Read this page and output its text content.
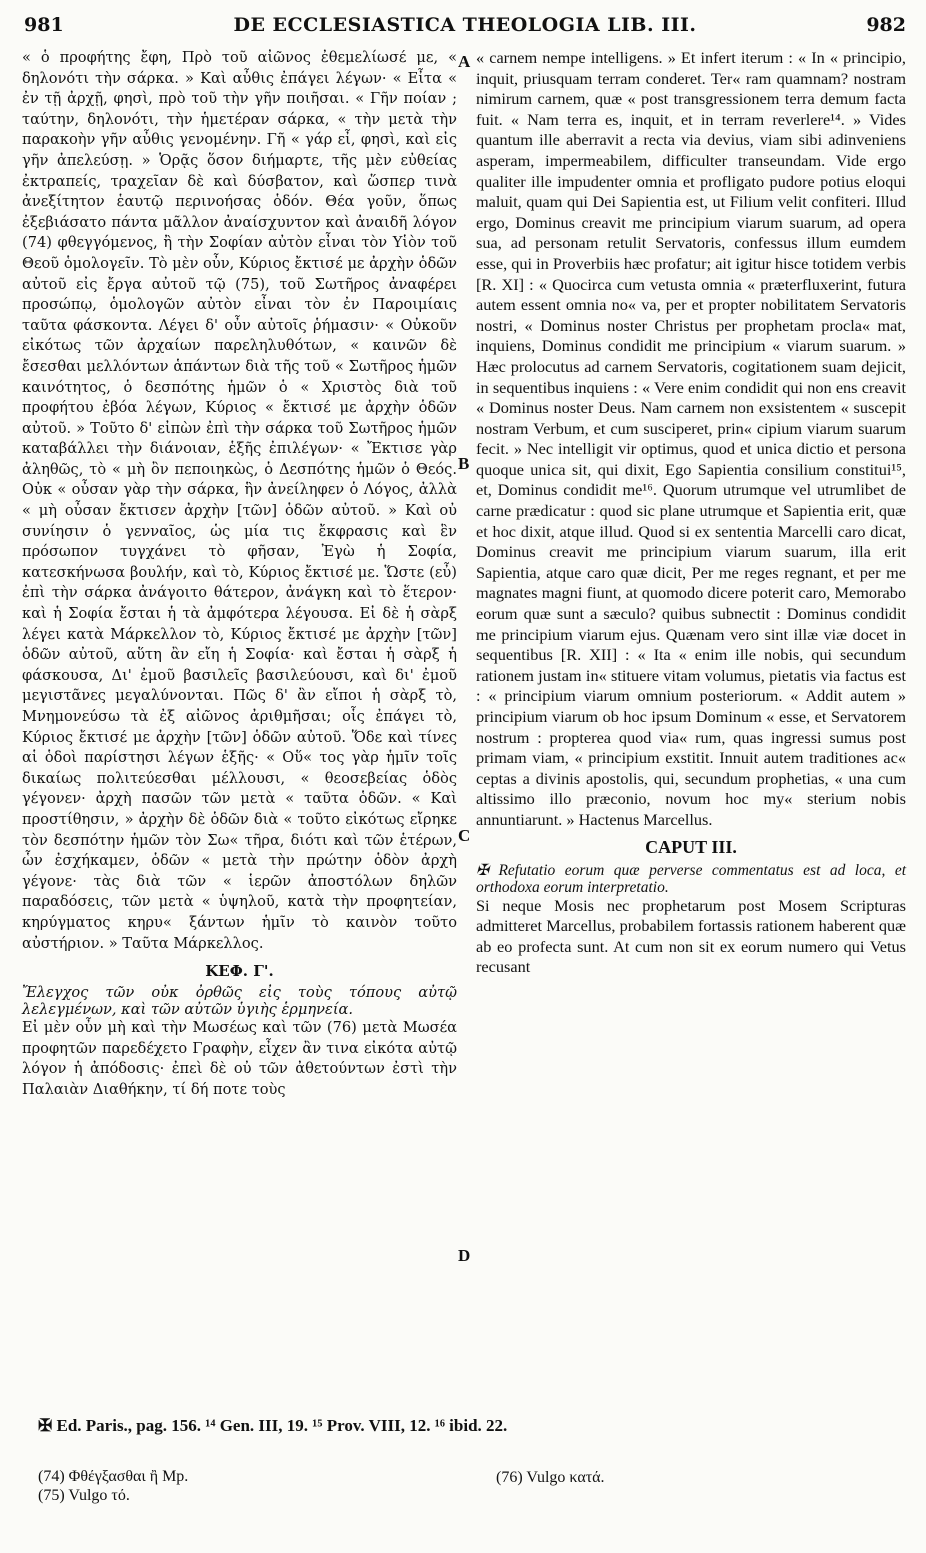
981	DE ECCLESIASTICA THEOLOGIA LIB. III.	982

« ὁ προφήτης ἔφη, Πρὸ τοῦ αἰῶνος ἐθεμελίωσέ με, « δηλονότι τὴν σάρκα. » Καὶ αὖθις ἐπάγει λέγων· « Εἶτα « ἐν τῇ ἀρχῇ, φησὶ, πρὸ τοῦ τὴν γῆν ποιῆσαι. « Γῆν ποίαν ; ταύτην, δηλονότι, τὴν ἡμετέραν σάρκα, « τὴν μετὰ τὴν παρακοὴν γῆν αὖθις γενομένην. Γῆ « γάρ εἶ, φησὶ, καὶ εἰς γῆν ἀπελεύσῃ. » Ὁρᾷς ὅσον διήμαρτε, τῆς μὲν εὐθείας ἐκτραπείς, τραχεῖαν δὲ καὶ δύσβατον, καὶ ὥσπερ τινὰ ἀνεξίτητον ἑαυτῷ περινοήσας ὁδόν. Θέα γοῦν, ὅπως ἐξεβιάσατο πάντα μᾶλλον ἀναίσχυντον καὶ ἀναιδῆ λόγον (74) φθεγγόμενος, ἢ τὴν Σοφίαν αὐτὸν εἶναι τὸν Υἱὸν τοῦ Θεοῦ ὁμολογεῖν. Τὸ μὲν οὖν, Κύριος ἔκτισέ με ἀρχὴν ὁδῶν αὐτοῦ εἰς ἔργα αὐτοῦ τῷ (75), τοῦ Σωτῆρος ἀναφέρει προσώπῳ, ὁμολογῶν αὐτὸν εἶναι τὸν ἐν Παροιμίαις ταῦτα φάσκοντα. Λέγει δ' οὖν αὐτοῖς ῥήμασιν· « Οὐκοῦν εἰκότως τῶν ἀρχαίων παρεληλυθότων, « καινῶν δὲ ἔσεσθαι μελλόντων ἁπάντων διὰ τῆς τοῦ « Σωτῆρος ἡμῶν καινότητος, ὁ δεσπότης ἡμῶν ὁ « Χριστὸς διὰ τοῦ προφήτου ἐβόα λέγων, Κύριος « ἔκτισέ με ἀρχὴν ὁδῶν αὐτοῦ. » Τοῦτο δ' εἰπὼν ἐπὶ τὴν σάρκα τοῦ Σωτῆρος ἡμῶν καταβάλλει τὴν διάνοιαν, ἑξῆς ἐπιλέγων· « Ἔκτισε γὰρ ἀληθῶς, τὸ « μὴ ὂν πεποιηκὼς, ὁ Δεσπότης ἡμῶν ὁ Θεός. Οὐκ « οὖσαν γὰρ τὴν σάρκα, ἣν ἀνείληφεν ὁ Λόγος, ἀλλὰ « μὴ οὖσαν ἔκτισεν ἀρχὴν [τῶν] ὁδῶν αὐτοῦ. » Καὶ οὐ συνίησιν ὁ γενναῖος, ὡς μία τις ἔκφρασις καὶ ἓν πρόσωπον τυγχάνει τὸ φῆσαν, Ἐγὼ ἡ Σοφία, κατεσκήνωσα βουλήν, καὶ τὸ, Κύριος ἔκτισέ με. Ὥστε (εὖ) ἐπὶ τὴν σάρκα ἀνάγοιτο θάτερον, ἀνάγκη καὶ τὸ ἕτερον· καὶ ἡ Σοφία ἔσται ἡ τὰ ἀμφότερα λέγουσα. Εἰ δὲ ἡ σὰρξ λέγει κατὰ Μάρκελλον τὸ, Κύριος ἔκτισέ με ἀρχὴν [τῶν] ὁδῶν αὐτοῦ, αὕτη ἂν εἴη ἡ Σοφία· καὶ ἔσται ἡ σὰρξ ἡ φάσκουσα, Δι' ἐμοῦ βασιλεῖς βασιλεύουσι, καὶ δι' ἐμοῦ μεγιστᾶνες μεγαλύνονται. Πῶς δ' ἂν εἴποι ἡ σὰρξ τὸ, Μνημονεύσω τὰ ἐξ αἰῶνος ἀριθμῆσαι; οἷς ἐπάγει τὸ, Κύριος ἔκτισέ με ἀρχὴν [τῶν] ὁδῶν αὐτοῦ. Ὅδε καὶ τίνες αἱ ὁδοὶ παρίστησι λέγων ἑξῆς· « Οὕ« τος γὰρ ἡμῖν τοῖς δικαίως πολιτεύεσθαι μέλλουσι, « θεοσεβείας ὁδὸς γέγονεν· ἀρχὴ πασῶν τῶν μετὰ « ταῦτα ὁδῶν. « Καὶ προστίθησιν, » ἀρχὴν δὲ ὁδῶν διὰ « τοῦτο εἰκότως εἴρηκε τὸν δεσπότην ἡμῶν τὸν Σω« τῆρα, διότι καὶ τῶν ἑτέρων, ὧν ἐσχήκαμεν, ὁδῶν « μετὰ τὴν πρώτην ὁδὸν ἀρχὴ γέγονε· τὰς διὰ τῶν « ἱερῶν ἀποστόλων δηλῶν παραδόσεις, τῶν μετὰ « ὑψηλοῦ, κατὰ τὴν προφητείαν, κηρύγματος κηρυ« ξάντων ἡμῖν τὸ καινὸν τοῦτο αὐστήριον. » Ταῦτα Μάρκελλος.

ΚΕΦ. Γ'.

Ἔλεγχος τῶν οὐκ ὀρθῶς εἰς τοὺς τόπους αὐτῷ λελεγμένων, καὶ τῶν αὐτῶν ὑγιὴς ἑρμηνεία.

Εἰ μὲν οὖν μὴ καὶ τὴν Μωσέως καὶ τῶν (76) μετὰ Μωσέα προφητῶν παρεδέχετο Γραφὴν, εἶχεν ἂν τινα εἰκότα αὐτῷ λόγον ἡ ἀπόδοσις· ἐπεὶ δὲ οὐ τῶν ἀθετούντων ἐστὶ τὴν Παλαιὰν Διαθήκην, τί δή ποτε τοὺς

A
B
C
D

« carnem nempe intelligens. » Et infert iterum : « In « principio, inquit, priusquam terram conderet. Ter« ram quamnam? nostram nimirum carnem, quæ « post transgressionem terra demum facta fuit. « Nam terra es, inquit, et in terram reverlere¹⁴. » Vides quantum ille aberravit a recta via devius, viam sibi adinveniens asperam, impermeabilem, difficulter transeundam. Vide ergo qualiter ille impudenter omnia et profligato pudore potius eloqui maluit, quam qui Dei Sapientia est, ut Filium velit confiteri. Illud ergo, Dominus creavit me principium viarum suarum, ad opera sua, ad personam retulit Servatoris, confessus illum eumdem esse, qui in Proverbiis hæc profatur; ait igitur hisce totidem verbis [R. XI] : « Quocirca cum vetusta omnia « præterfluxerint, futura autem essent omnia no« va, per et propter nobilitatem Servatoris nostri, « Dominus noster Christus per prophetam procla« mat, inquiens, Dominus condidit me principium « viarum suarum. » Hæc prolocutus ad carnem Servatoris, cogitationem suam dejicit, in sequentibus inquiens : « Vere enim condidit qui non ens creavit « Dominus noster Deus. Nam carnem non exsistentem « suscepit nostram Verbum, et cum susciperet, prin« cipium viarum suarum fecit. » Nec intelligit vir optimus, quod et unica dictio et persona quoque unica sit, qui dixit, Ego Sapientia consilium constitui¹⁵, et, Dominus condidit me¹⁶. Quorum utrumque vel utrumlibet de carne prædicatur : quod sic plane utrumque et Sapientia erit, quæ et hoc dixit, atque illud. Quod si ex sententia Marcelli caro dicat, Dominus creavit me principium viarum suarum, illa erit Sapientia, atque caro quæ dicit, Per me reges regnant, et per me magnates magni fiunt, at quomodo dicere poterit caro, Memorabo eorum quæ sunt a sæculo? quibus subnectit : Dominus condidit me principium viarum ejus. Quænam vero sint illæ viæ docet in sequentibus [R. XII] : « Ita « enim ille nobis, qui secundum rationem justam in« stituere vitam volumus, pietatis via factus est : « principium viarum omnium posteriorum. « Addit autem » principium viarum ob hoc ipsum Dominum « esse, et Servatorem nostrum : propterea quod via« rum, quas ingressi sumus post primam viam, « principium exstitit. Innuit autem traditiones ac« ceptas a divinis apostolis, qui, secundum prophetias, « una cum altissimo illo præconio, novum hoc my« sterium nobis annuntiarunt. » Hactenus Marcellus.

CAPUT III.

✠ Refutatio eorum quæ perverse commentatus est ad loca, et orthodoxa eorum interpretatio.

Si neque Mosis nec prophetarum post Mosem Scripturas admitteret Marcellus, probabilem fortassis rationem haberent quæ ab eo profecta sunt. At cum non sit ex eorum numero qui Vetus recusant

✠ Ed. Paris., pag. 156. ¹⁴ Gen. III, 19. ¹⁵ Prov. VIII, 12. ¹⁶ ibid. 22.
(74) Φθέγξασθαι ἢ Mp.
(75) Vulgo τό.
(76) Vulgo κατά.
